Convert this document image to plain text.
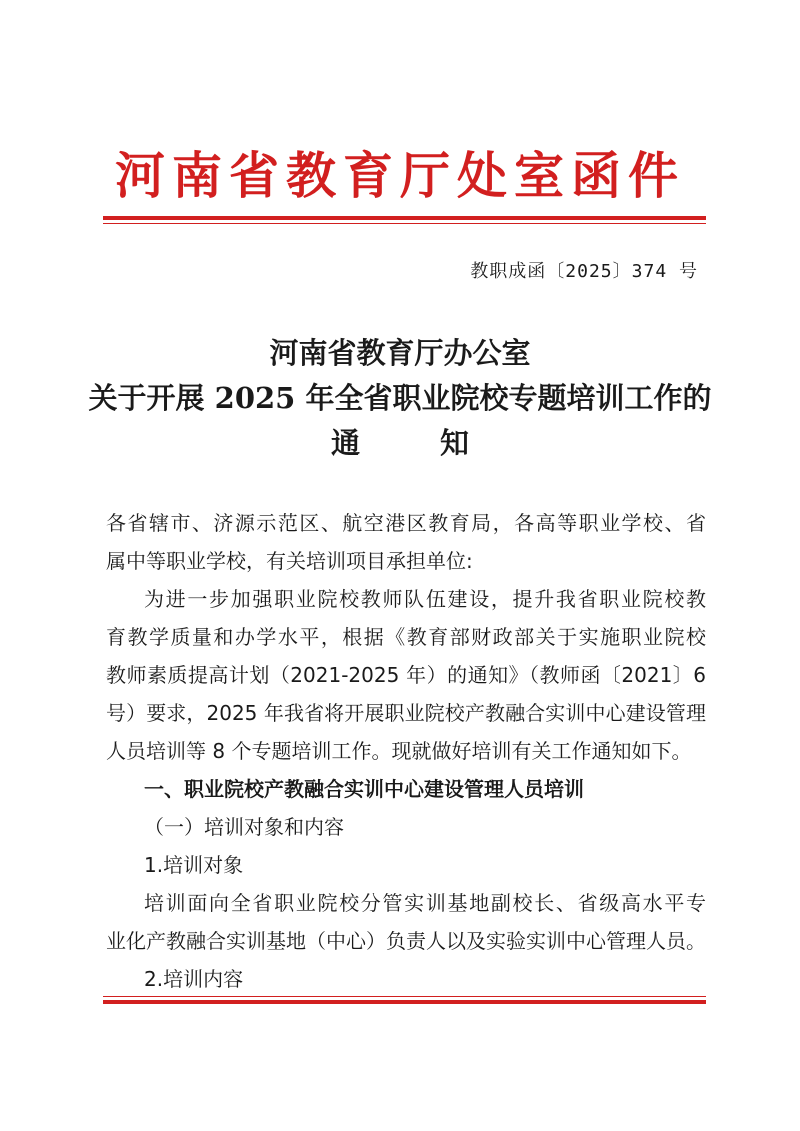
河南省教育厅处室函件
教职成函〔2025〕374 号
河南省教育厅办公室
关于开展 2025 年全省职业院校专题培训工作的
通	知
各省辖市、济源示范区、航空港区教育局，各高等职业学校、省
属中等职业学校，有关培训项目承担单位:
为进一步加强职业院校教师队伍建设，提升我省职业院校教
育教学质量和办学水平，根据《教育部财政部关于实施职业院校
教师素质提高计划（2021-2025 年）的通知》（教师函〔2021〕6
号）要求，2025 年我省将开展职业院校产教融合实训中心建设管理
人员培训等 8 个专题培训工作。现就做好培训有关工作通知如下。
一、职业院校产教融合实训中心建设管理人员培训
（一）培训对象和内容
1.培训对象
培训面向全省职业院校分管实训基地副校长、省级高水平专
业化产教融合实训基地（中心）负责人以及实验实训中心管理人员。
2.培训内容
